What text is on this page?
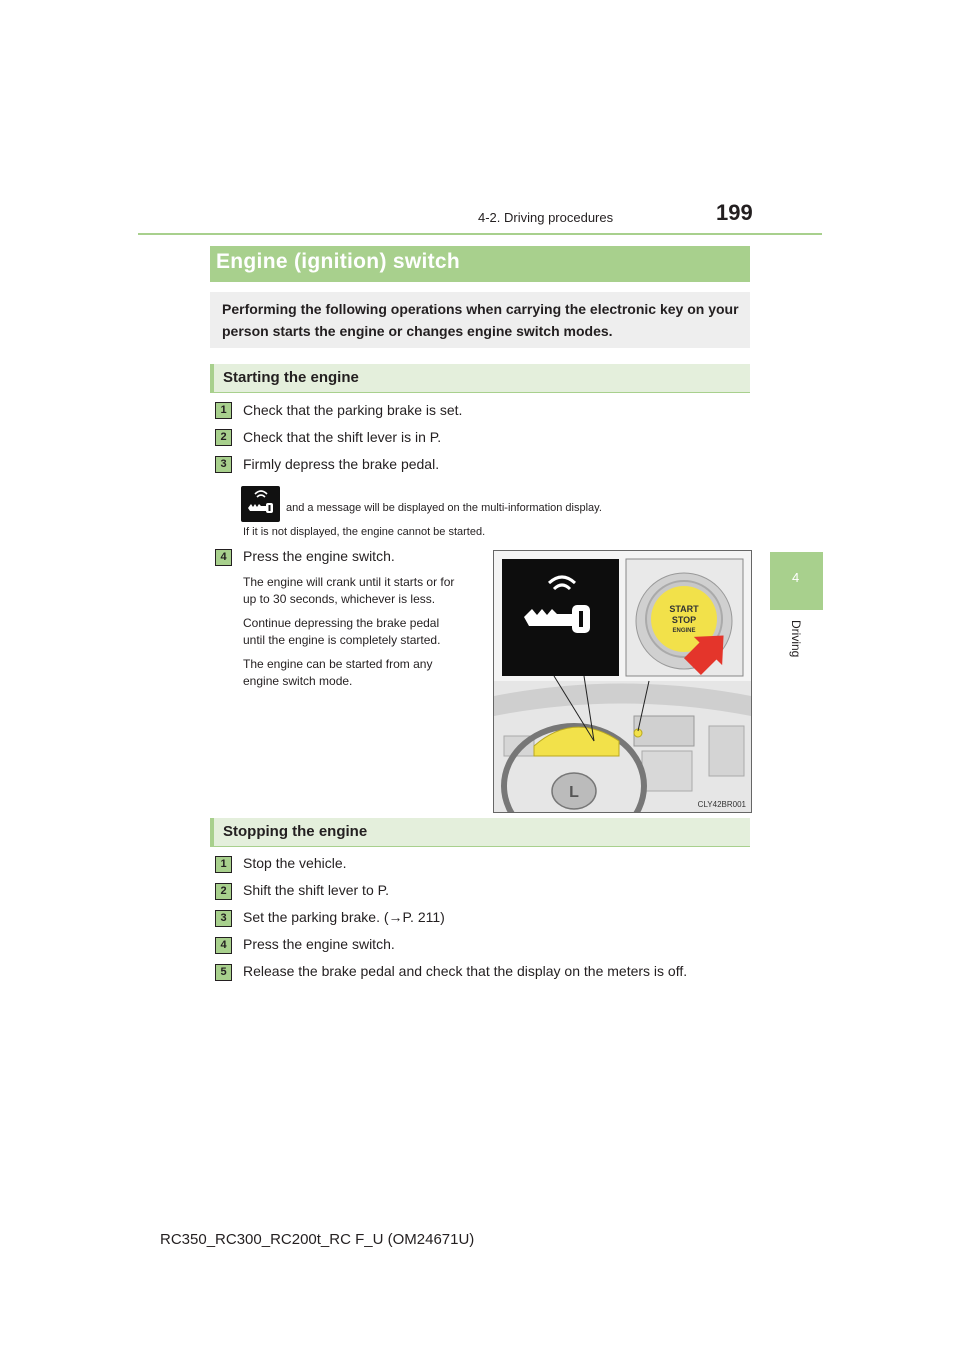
199
4-2. Driving procedures
4
Driving
Engine (ignition) switch
Performing the following operations when carrying the electronic key on your
person starts the engine or changes engine switch modes.
Starting the engine
1	Check that the parking brake is set.
2	Check that the shift lever is in P.
3	Firmly depress the brake pedal.
and a message will be displayed on the multi-information display.
If it is not displayed, the engine cannot be started.
4	Press the engine switch.
The engine will crank until it starts or for
up to 30 seconds, whichever is less.
Continue depressing the brake pedal
until the engine is completely started.
The engine can be started from any
engine switch mode.
L
START
STOP
ENGINE
CLY42BR001
Stopping the engine
1	Stop the vehicle.
2	Shift the shift lever to P.
3	Set the parking brake. (→P. 211)
4	Press the engine switch.
5	Release the brake pedal and check that the display on the meters is off.
RC350_RC300_RC200t_RC F_U (OM24671U)
